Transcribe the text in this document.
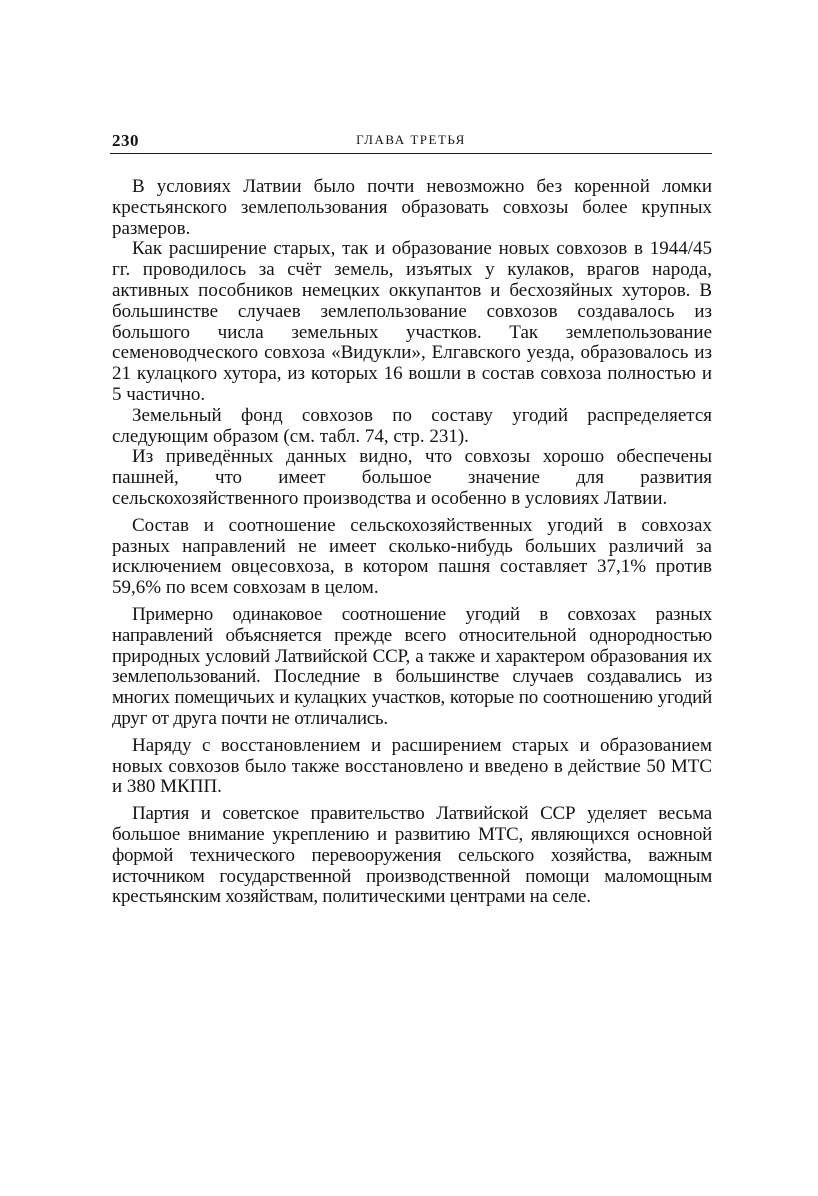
230	ГЛАВА ТРЕТЬЯ

В условиях Латвии было почти невозможно без коренной ломки крестьянского землепользования образовать совхозы более крупных размеров.

Как расширение старых, так и образование новых совхозов в 1944/45 гг. проводилось за счёт земель, изъятых у кулаков, врагов народа, активных пособников немецких оккупантов и бесхозяйных хуторов. В большинстве случаев землепользование совхозов создавалось из большого числа земельных участков. Так землепользование семеноводческого совхоза «Видукли», Елгавского уезда, образовалось из 21 кулацкого хутора, из которых 16 вошли в состав совхоза полностью и 5 частично.

Земельный фонд совхозов по составу угодий распределяется следующим образом (см. табл. 74, стр. 231).

Из приведённых данных видно, что совхозы хорошо обеспечены пашней, что имеет большое значение для развития сельскохозяйственного производства и особенно в условиях Латвии.

Состав и соотношение сельскохозяйственных угодий в совхозах разных направлений не имеет сколько-нибудь больших различий за исключением овцесовхоза, в котором пашня составляет 37,1% против 59,6% по всем совхозам в целом.

Примерно одинаковое соотношение угодий в совхозах разных направлений объясняется прежде всего относительной однородностью природных условий Латвийской ССР, а также и характером образования их землепользований. Последние в большинстве случаев создавались из многих помещичьих и кулацких участков, которые по соотношению угодий друг от друга почти не отличались.

Наряду с восстановлением и расширением старых и образованием новых совхозов было также восстановлено и введено в действие 50 МТС и 380 МКПП.

Партия и советское правительство Латвийской ССР уделяет весьма большое внимание укреплению и развитию МТС, являющихся основной формой технического перевооружения сельского хозяйства, важным источником государственной производственной помощи маломощным крестьянским хозяйствам, политическими центрами на селе.
